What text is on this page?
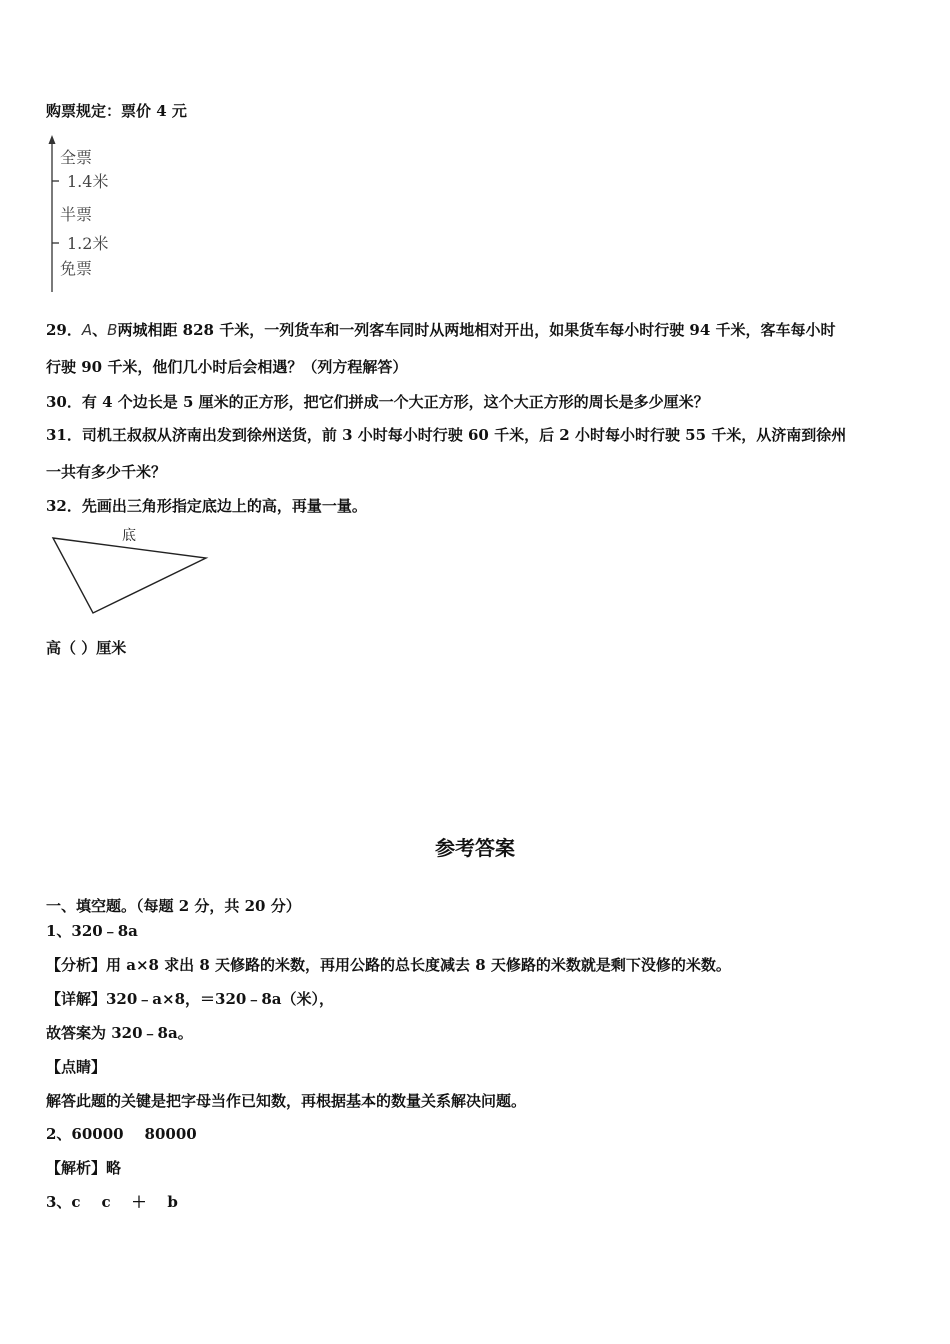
购票规定：票价 4 元
全票
1.4米
半票
1.2米
免票
29．A、B两城相距 828 千米，一列货车和一列客车同时从两地相对开出，如果货车每小时行驶 94 千米，客车每小时
行驶 90 千米，他们几小时后会相遇？（列方程解答）
30．有 4 个边长是 5 厘米的正方形，把它们拼成一个大正方形，这个大正方形的周长是多少厘米？
31．司机王叔叔从济南出发到徐州送货，前 3 小时每小时行驶 60 千米，后 2 小时每小时行驶 55 千米，从济南到徐州
一共有多少千米？
32．先画出三角形指定底边上的高，再量一量。
底
高（ ）厘米
参考答案
一、填空题。（每题 2 分，共 20 分）
1、320﹣8a
【分析】用 a×8 求出 8 天修路的米数，再用公路的总长度减去 8 天修路的米数就是剩下没修的米数。
【详解】320﹣a×8，＝320﹣8a（米），
故答案为 320﹣8a。
【点睛】
解答此题的关键是把字母当作已知数，再根据基本的数量关系解决问题。
2、60000    80000
【解析】略
3、c    c    ＋    b
